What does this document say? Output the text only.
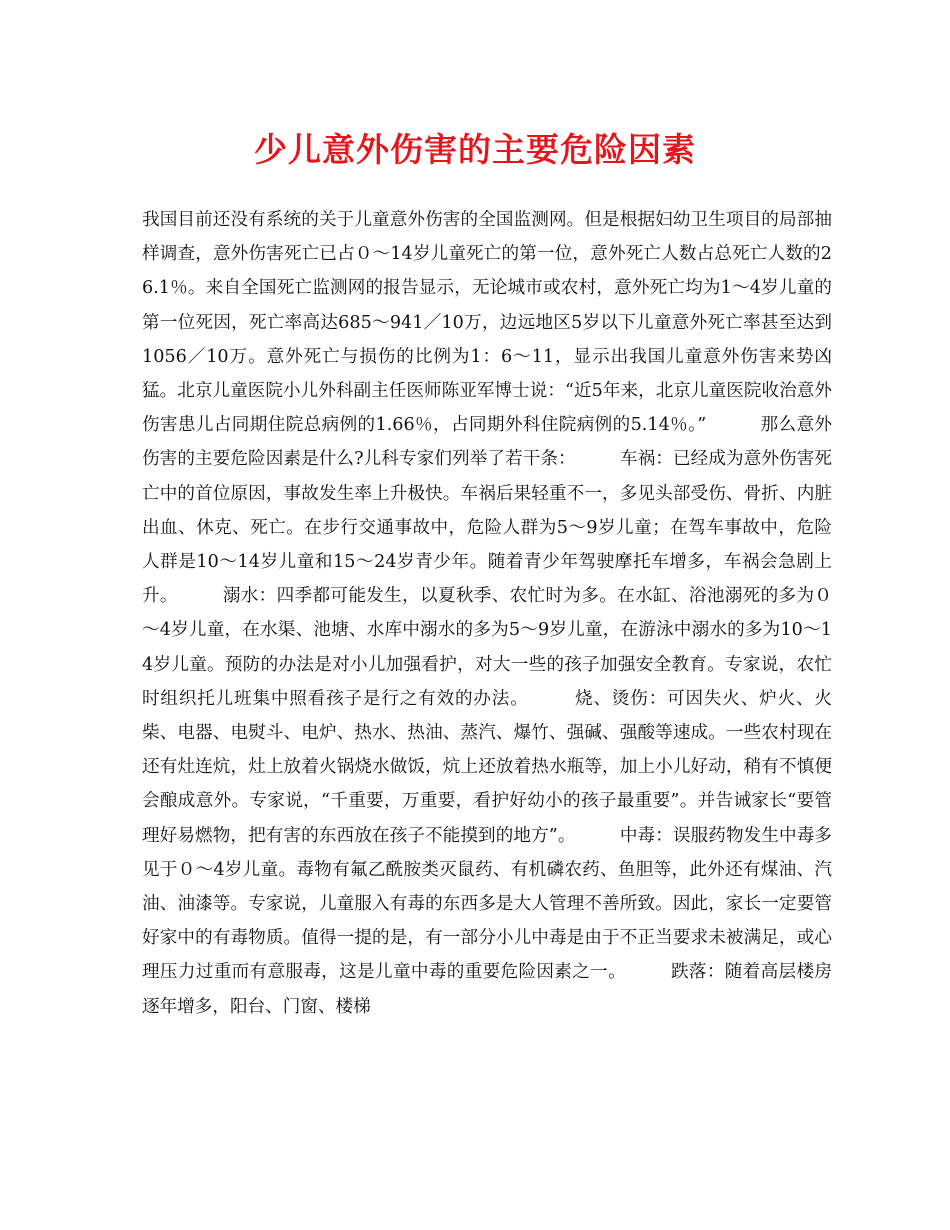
少儿意外伤害的主要危险因素

我国目前还没有系统的关于儿童意外伤害的全国监测网。但是根据妇幼卫生项目的局部抽样调查，意外伤害死亡已占０～14岁儿童死亡的第一位，意外死亡人数占总死亡人数的26.1％。来自全国死亡监测网的报告显示，无论城市或农村，意外死亡均为1～4岁儿童的第一位死因，死亡率高达685～941／10万，边远地区5岁以下儿童意外死亡率甚至达到1056／10万。意外死亡与损伤的比例为1：6～11，显示出我国儿童意外伤害来势凶猛。北京儿童医院小儿外科副主任医师陈亚军博士说：“近5年来，北京儿童医院收治意外伤害患儿占同期住院总病例的1.66％，占同期外科住院病例的5.14％。”　　　那么意外伤害的主要危险因素是什么?儿科专家们列举了若干条：　　　车祸：已经成为意外伤害死亡中的首位原因，事故发生率上升极快。车祸后果轻重不一，多见头部受伤、骨折、内脏出血、休克、死亡。在步行交通事故中，危险人群为5～9岁儿童；在驾车事故中，危险人群是10～14岁儿童和15～24岁青少年。随着青少年驾驶摩托车增多，车祸会急剧上升。　　　溺水：四季都可能发生，以夏秋季、农忙时为多。在水缸、浴池溺死的多为０～4岁儿童，在水渠、池塘、水库中溺水的多为5～9岁儿童，在游泳中溺水的多为10～14岁儿童。预防的办法是对小儿加强看护，对大一些的孩子加强安全教育。专家说，农忙时组织托儿班集中照看孩子是行之有效的办法。　　　烧、烫伤：可因失火、炉火、火柴、电器、电熨斗、电炉、热水、热油、蒸汽、爆竹、强碱、强酸等速成。一些农村现在还有灶连炕，灶上放着火锅烧水做饭，炕上还放着热水瓶等，加上小儿好动，稍有不慎便会酿成意外。专家说，“千重要，万重要，看护好幼小的孩子最重要”。并告诫家长“要管理好易燃物，把有害的东西放在孩子不能摸到的地方”。　　　中毒：误服药物发生中毒多见于０～4岁儿童。毒物有氟乙酰胺类灭鼠药、有机磷农药、鱼胆等，此外还有煤油、汽油、油漆等。专家说，儿童服入有毒的东西多是大人管理不善所致。因此，家长一定要管好家中的有毒物质。值得一提的是，有一部分小儿中毒是由于不正当要求未被满足，或心理压力过重而有意服毒，这是儿童中毒的重要危险因素之一。　　　跌落：随着高层楼房逐年增多，阳台、门窗、楼梯
